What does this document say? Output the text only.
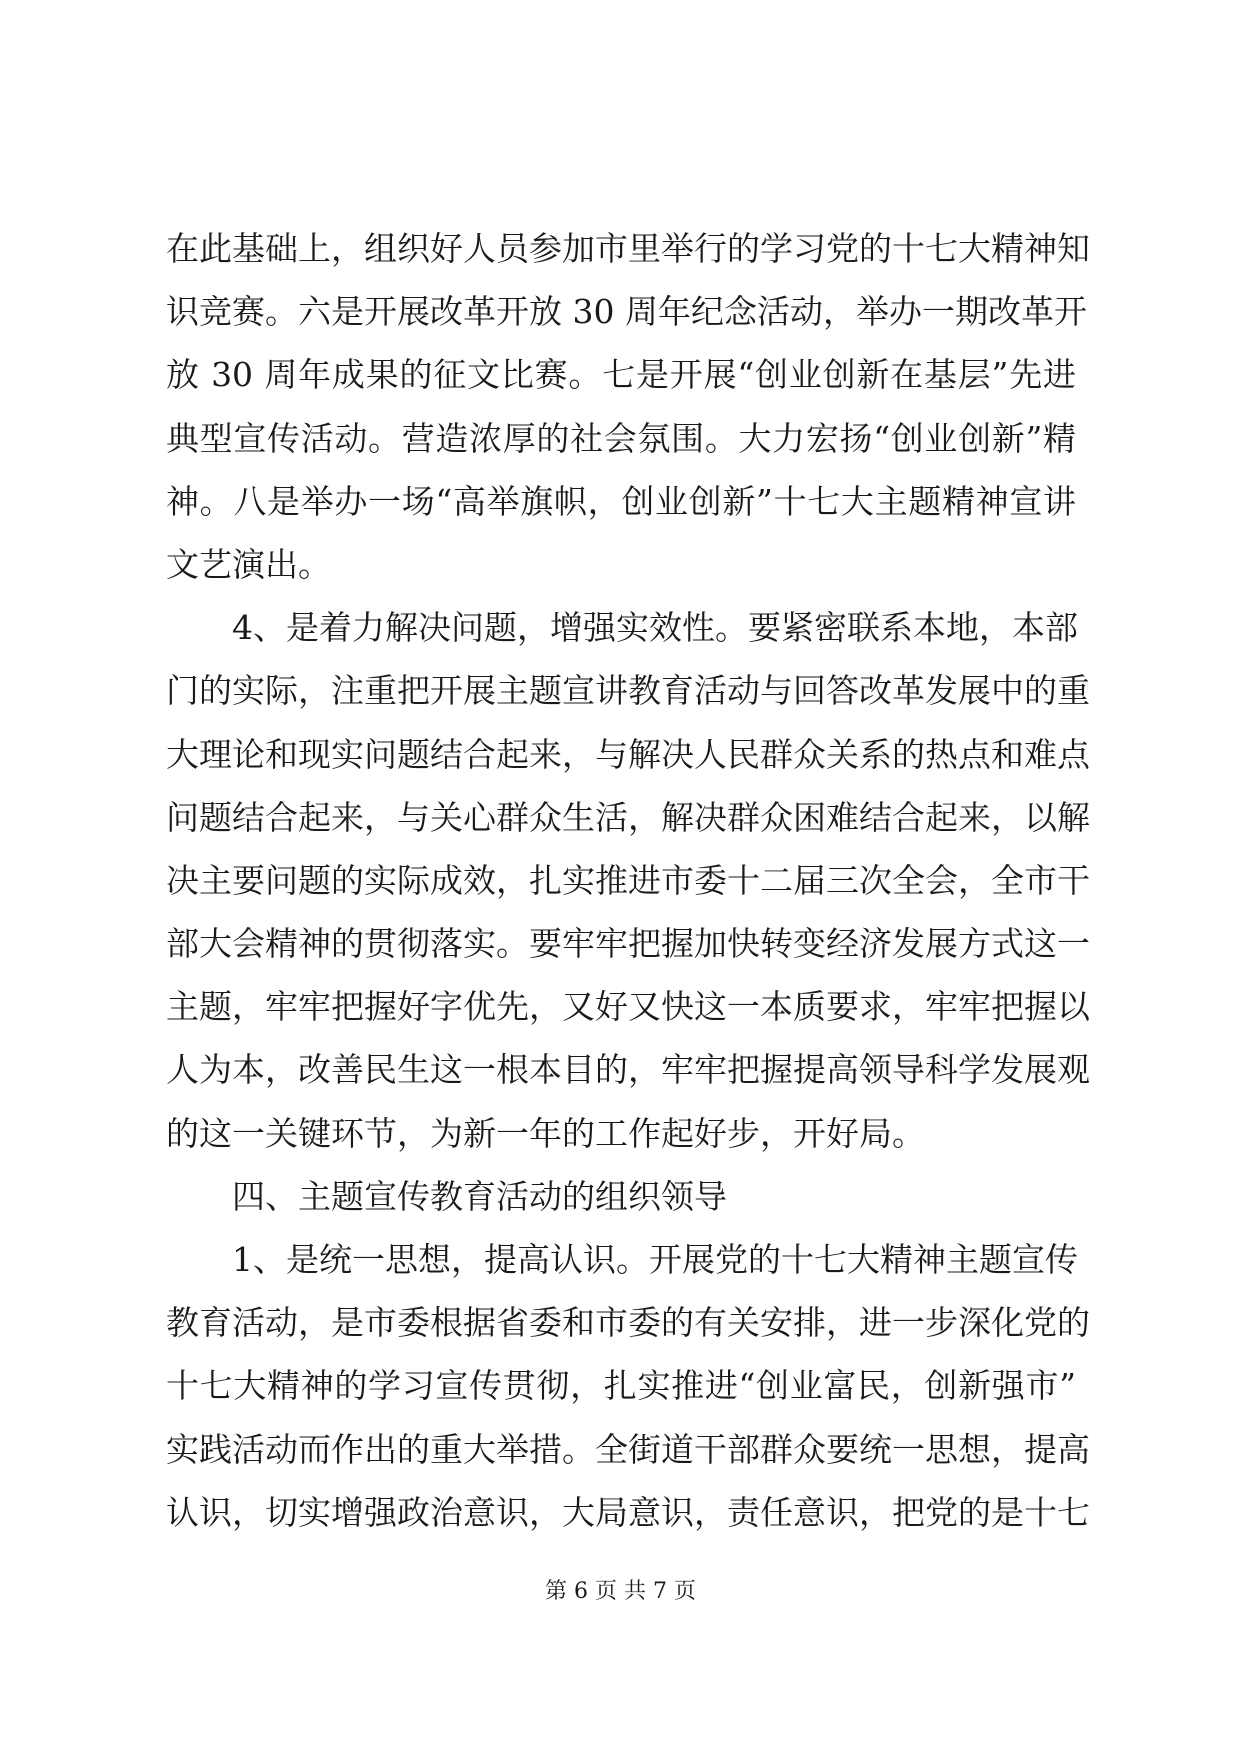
在此基础上，组织好人员参加市里举行的学习党的十七大精神知
识竞赛。六是开展改革开放 30 周年纪念活动，举办一期改革开
放 30 周年成果的征文比赛。七是开展“创业创新在基层”先进
典型宣传活动。营造浓厚的社会氛围。大力宏扬“创业创新”精
神。八是举办一场“高举旗帜，创业创新”十七大主题精神宣讲
文艺演出。
　　4、是着力解决问题，增强实效性。要紧密联系本地，本部
门的实际，注重把开展主题宣讲教育活动与回答改革发展中的重
大理论和现实问题结合起来，与解决人民群众关系的热点和难点
问题结合起来，与关心群众生活，解决群众困难结合起来，以解
决主要问题的实际成效，扎实推进市委十二届三次全会，全市干
部大会精神的贯彻落实。要牢牢把握加快转变经济发展方式这一
主题，牢牢把握好字优先，又好又快这一本质要求，牢牢把握以
人为本，改善民生这一根本目的，牢牢把握提高领导科学发展观
的这一关键环节，为新一年的工作起好步，开好局。
　　四、主题宣传教育活动的组织领导
　　1、是统一思想，提高认识。开展党的十七大精神主题宣传
教育活动，是市委根据省委和市委的有关安排，进一步深化党的
十七大精神的学习宣传贯彻，扎实推进“创业富民，创新强市”
实践活动而作出的重大举措。全街道干部群众要统一思想，提高
认识，切实增强政治意识，大局意识，责任意识，把党的是十七
第 6 页 共 7 页
